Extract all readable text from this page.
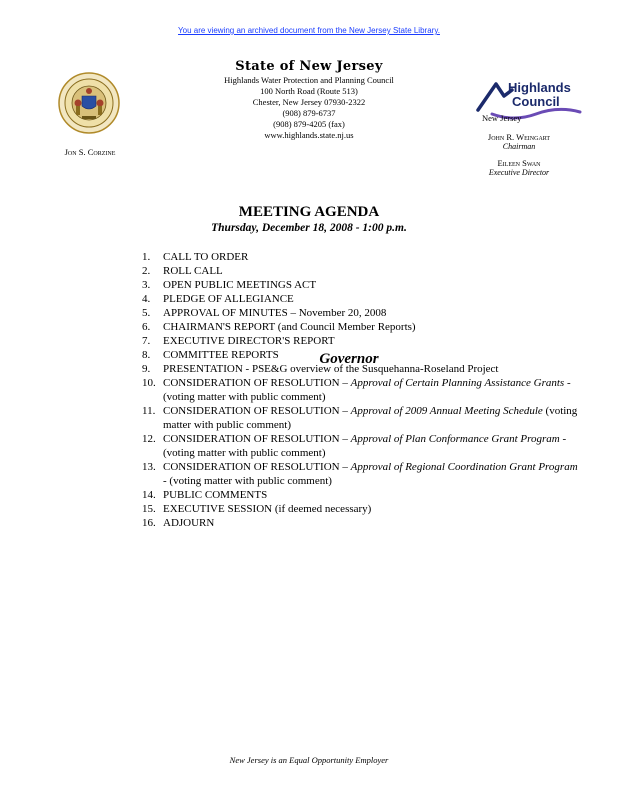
You are viewing an archived document from the New Jersey State Library.
Jon S. Corzine
Governor
State of New Jersey
Highlands Water Protection and Planning Council
100 North Road (Route 513)
Chester, New Jersey 07930-2322
(908) 879-6737
(908) 879-4205 (fax)
www.highlands.state.nj.us
Highlands
Council
New Jersey
John R. Weingart
Chairman
Eileen Swan
Executive Director
MEETING AGENDA
Thursday, December 18, 2008 - 1:00 p.m.
1.	CALL TO ORDER
2.	ROLL CALL
3.	OPEN PUBLIC MEETINGS ACT
4.	PLEDGE OF ALLEGIANCE
5.	APPROVAL OF MINUTES – November 20, 2008
6.	CHAIRMAN'S REPORT (and Council Member Reports)
7.	EXECUTIVE DIRECTOR'S REPORT
8.	COMMITTEE REPORTS
9.	PRESENTATION - PSE&G overview of the Susquehanna-Roseland Project
10. CONSIDERATION OF RESOLUTION – Approval of Certain Planning Assistance Grants - (voting matter with public comment)
11. CONSIDERATION OF RESOLUTION – Approval of 2009 Annual Meeting Schedule (voting matter with public comment)
12. CONSIDERATION OF RESOLUTION – Approval of Plan Conformance Grant Program - (voting matter with public comment)
13. CONSIDERATION OF RESOLUTION – Approval of Regional Coordination Grant Program - (voting matter with public comment)
14. PUBLIC COMMENTS
15. EXECUTIVE SESSION (if deemed necessary)
16. ADJOURN
New Jersey is an Equal Opportunity Employer
